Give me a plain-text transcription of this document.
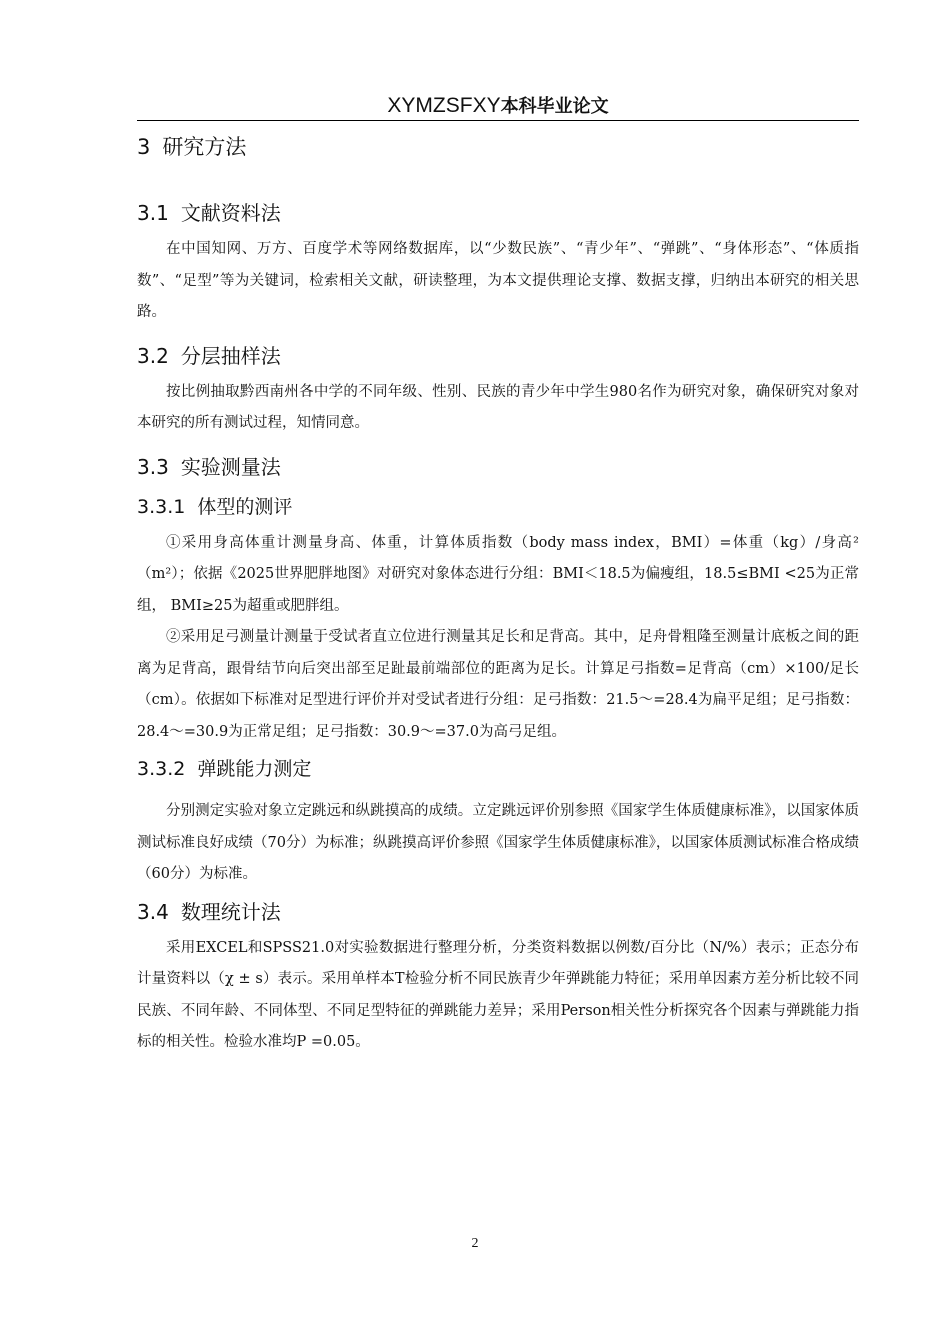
XYMZSFXY本科毕业论文
3 研究方法
3.1 文献资料法

在中国知网、万方、百度学术等网络数据库，以“少数民族”、“青少年”、“弹跳”、“身体形态”、“体质指数”、“足型”等为关键词，检索相关文献，研读整理，为本文提供理论支撑、数据支撑，归纳出本研究的相关思路。

3.2 分层抽样法

按比例抽取黔西南州各中学的不同年级、性别、民族的青少年中学生980名作为研究对象，确保研究对象对本研究的所有测试过程，知情同意。

3.3 实验测量法
3.3.1 体型的测评

①采用身高体重计测量身高、体重，计算体质指数（body mass index，BMI）=体重（kg）/身高²（m²）；依据《2025世界肥胖地图》对研究对象体态进行分组：BMI＜18.5为偏瘦组，18.5≤BMI <25为正常组， BMI≥25为超重或肥胖组。

②采用足弓测量计测量于受试者直立位进行测量其足长和足背高。其中，足舟骨粗隆至测量计底板之间的距离为足背高，跟骨结节向后突出部至足趾最前端部位的距离为足长。计算足弓指数=足背高（cm）×100/足长（cm）。依据如下标准对足型进行评价并对受试者进行分组：足弓指数：21.5～=28.4为扁平足组；足弓指数：28.4～=30.9为正常足组；足弓指数：30.9～=37.0为高弓足组。

3.3.2 弹跳能力测定

分别测定实验对象立定跳远和纵跳摸高的成绩。立定跳远评价别参照《国家学生体质健康标准》，以国家体质测试标准良好成绩（70分）为标准；纵跳摸高评价参照《国家学生体质健康标准》，以国家体质测试标准合格成绩（60分）为标准。

3.4 数理统计法

采用EXCEL和SPSS21.0对实验数据进行整理分析，分类资料数据以例数/百分比（N/%）表示；正态分布计量资料以（χ ± s）表示。采用单样本T检验分析不同民族青少年弹跳能力特征；采用单因素方差分析比较不同民族、不同年龄、不同体型、不同足型特征的弹跳能力差异；采用Person相关性分析探究各个因素与弹跳能力指标的相关性。检验水准均P =0.05。

2
